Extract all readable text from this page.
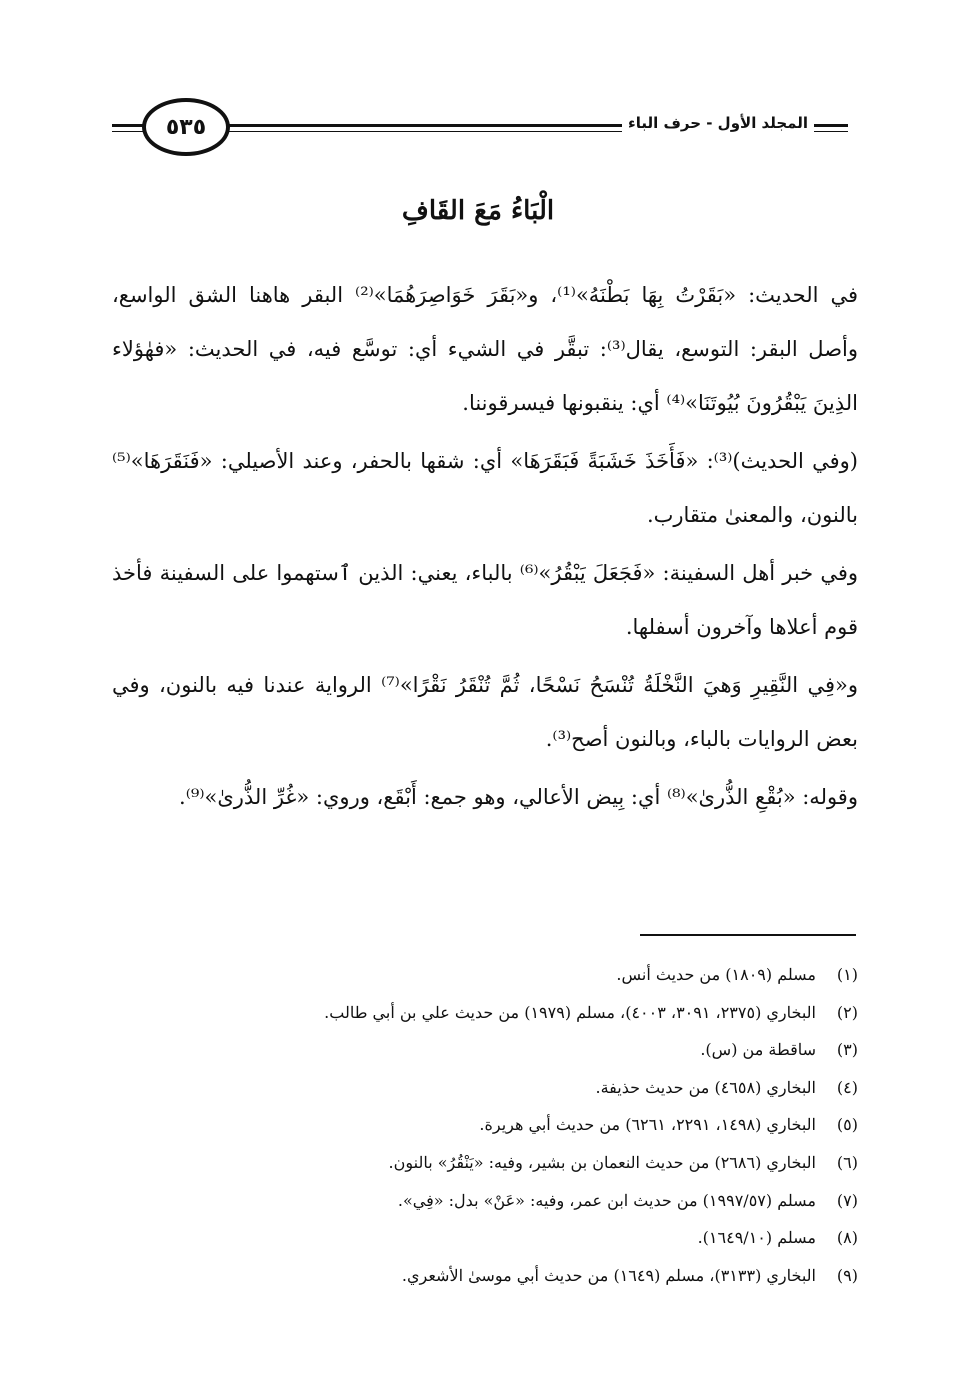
٥٣٥	المجلد الأول - حرف الباء
الْبَاءُ مَعَ القَافِ

في الحديث: «بَقَرْتُ بِهَا بَطْنَهُ»⁽¹⁾، و«بَقَرَ خَوَاصِرَهُمَا»⁽²⁾ البقر هاهنا الشق الواسع، وأصل البقر: التوسع، يقال⁽³⁾: تبقَّر في الشيء أي: توسَّع فيه، في الحديث: «فهٰؤلاء الذِينَ يَبْقُرُونَ بُيُوتَنَا»⁽⁴⁾ أي: ينقبونها فيسرقوننا.

(وفي الحديث)⁽³⁾: «فَأَخَذَ خَشَبَةً فَبَقَرَهَا» أي: شقها بالحفر، وعند الأصيلي: «فَنَقَرَهَا»⁽⁵⁾ بالنون، والمعنىٰ متقارب.

وفي خبر أهل السفينة: «فَجَعَلَ يَبْقُرُ»⁽⁶⁾ بالباء، يعني: الذين ٱستهموا على السفينة فأخذ قوم أعلاها وآخرون أسفلها.

و«فِي النَّقِيرِ وَهيَ النَّخْلَةُ تُنْسَحُ نَسْحًا، ثُمَّ تُنْقَرُ نَقْرًا»⁽⁷⁾ الرواية عندنا فيه بالنون، وفي بعض الروايات بالباء، وبالنون أصح⁽³⁾.

وقوله: «بُقْعِ الذُّرىٰ»⁽⁸⁾ أي: بِيض الأعالي، وهو جمع: أَبْقَع، وروي: «غُرِّ الذُّرىٰ»⁽⁹⁾.

(١)
مسلم (١٨٠٩) من حديث أنس.
(٢)
البخاري (٢٣٧٥، ٣٠٩١، ٤٠٠٣)، مسلم (١٩٧٩) من حديث علي بن أبي طالب.
(٣)
ساقطة من (س).
(٤)
البخاري (٤٦٥٨) من حديث حذيفة.
(٥)
البخاري (١٤٩٨، ٢٢٩١، ٦٢٦١) من حديث أبي هريرة.
(٦)
البخاري (٢٦٨٦) من حديث النعمان بن بشير، وفيه: «يَنْقُرُ» بالنون.
(٧)
مسلم (١٩٩٧/٥٧) من حديث ابن عمر، وفيه: «عَنْ» بدل: «فِي».
(٨)
مسلم (١٦٤٩/١٠).
(٩)
البخاري (٣١٣٣)، مسلم (١٦٤٩) من حديث أبي موسىٰ الأشعري.
